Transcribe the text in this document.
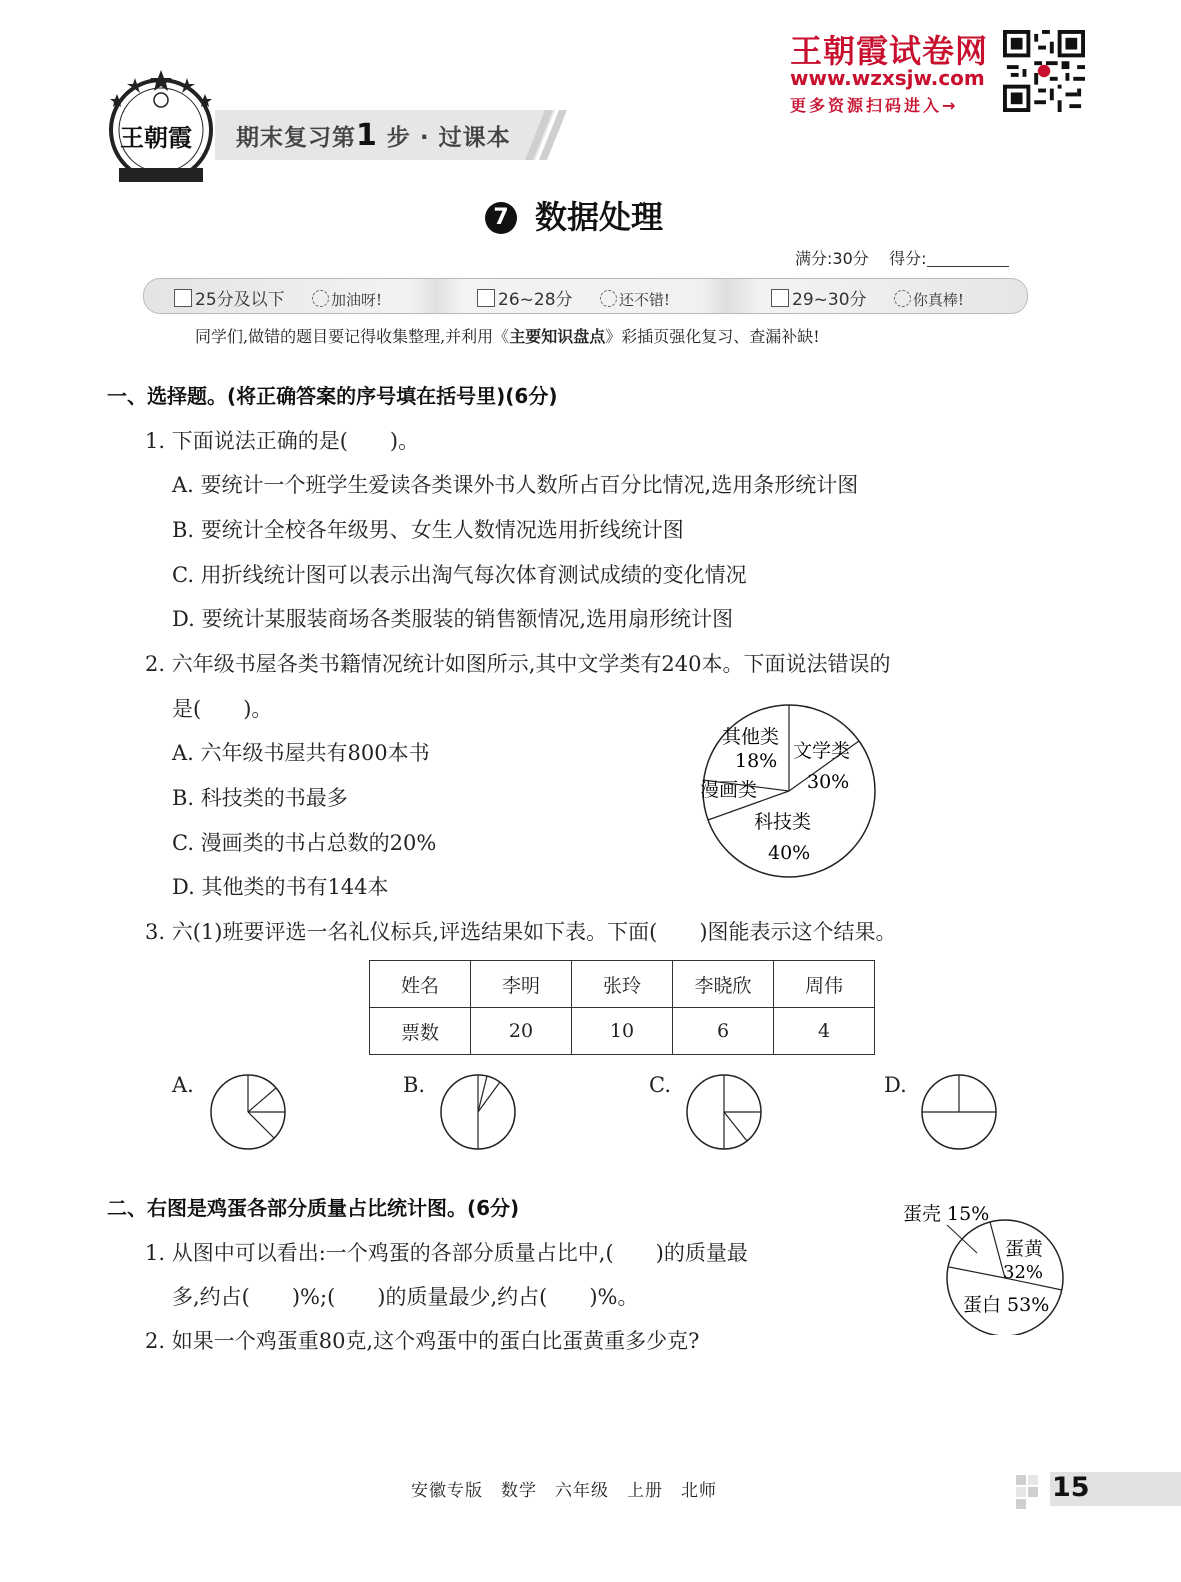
王朝霞 期末复习第1 步 · 过课本
王朝霞试卷网
www.wzxsjw.com
更多资源扫码进入→
7 数据处理
满分:30分 得分:
25分及以下	加油呀!	26~28分	还不错!	29~30分	你真棒!
同学们,做错的题目要记得收集整理,并利用《主要知识盘点》彩插页强化复习、查漏补缺!
一、选择题。(将正确答案的序号填在括号里)(6分)
1. 下面说法正确的是(　　)。
A. 要统计一个班学生爱读各类课外书人数所占百分比情况,选用条形统计图
B. 要统计全校各年级男、女生人数情况选用折线统计图
C. 用折线统计图可以表示出淘气每次体育测试成绩的变化情况
D. 要统计某服装商场各类服装的销售额情况,选用扇形统计图
2. 六年级书屋各类书籍情况统计如图所示,其中文学类有240本。下面说法错误的
是(　　)。
A. 六年级书屋共有800本书
B. 科技类的书最多
C. 漫画类的书占总数的20%
D. 其他类的书有144本
其他类
18% 文学类
30%
漫画类
科技类
40%
3. 六(1)班要评选一名礼仪标兵,评选结果如下表。下面(　　)图能表示这个结果。
姓名	李明	张玲	李晓欣	周伟
票数	20	10	6	4
A.	B.	C.	D.
二、右图是鸡蛋各部分质量占比统计图。(6分)
1. 从图中可以看出:一个鸡蛋的各部分质量占比中,(　　)的质量最
多,约占(　　)%;(　　)的质量最少,约占(　　)%。
2. 如果一个鸡蛋重80克,这个鸡蛋中的蛋白比蛋黄重多少克?
蛋壳 15%
蛋黄
32%
蛋白 53%
安徽专版 数学 六年级 上册 北师	15
